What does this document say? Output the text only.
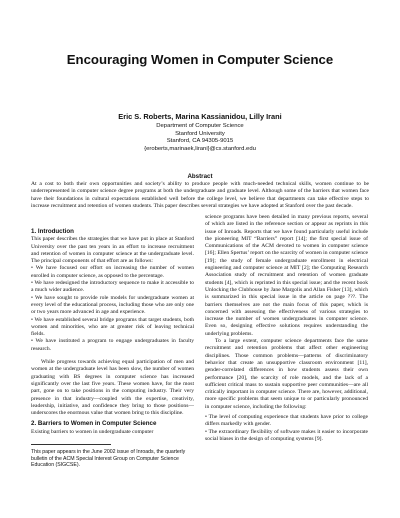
Encouraging Women in Computer Science
Eric S. Roberts, Marina Kassianidou, Lilly Irani
Department of Computer Science
Stanford University
Stanford, CA 94305-9015
{eroberts,marinaek,lirani}@cs.stanford.edu
Abstract
At a cost to both their own opportunities and society’s ability to produce people with much-needed technical skills, women continue to be underrepresented in computer science degree programs at both the undergraduate and graduate level. Although some of the barriers that women face have their foundations in cultural expectations established well before the college level, we believe that departments can take effective steps to increase recruitment and retention of women students. This paper describes several strategies we have adopted at Stanford over the past decade.
1. Introduction

This paper describes the strategies that we have put in place at Stanford University over the past ten years in an effort to increase recruitment and retention of women in computer science at the undergraduate level. The principal components of that effort are as follows:

• We have focused our effort on increasing the number of women enrolled in computer science, as opposed to the percentage.

• We have redesigned the introductory sequence to make it accessible to a much wider audience.

• We have sought to provide role models for undergraduate women at every level of the educational process, including those who are only one or two years more advanced in age and experience.

• We have established several bridge programs that target students, both women and minorities, who are at greater risk of leaving technical fields.

• We have instituted a program to engage undergraduates in faculty research.

While progress towards achieving equal participation of men and women at the undergraduate level has been slow, the number of women graduating with BS degrees in computer science has increased significantly over the last five years. These women have, for the most part, gone on to take positions in the computing industry. Their very presence in that industry—coupled with the expertise, creativity, leadership, initiative, and confidence they bring to those positions—underscores the enormous value that women bring to this discipline.

2. Barriers to Women in Computer Science

Existing barriers to women in undergraduate computer

This paper appears in the June 2002 issue of Inroads, the quarterly bulletin of the ACM Special Interest Group on Computer Science Education (SIGCSE).

science programs have been detailed in many previous reports, several of which are listed in the reference section or appear as reprints in this issue of Inroads. Reports that we have found particularly useful include the pioneering MIT “Barriers” report [14]; the first special issue of Communications of the ACM devoted to women in computer science [16]; Ellen Spertus’ report on the scarcity of women in computer science [19]; the study of female undergraduate enrollment in electrical engineering and computer science at MIT [2]; the Computing Research Association study of recruitment and retention of women graduate students [4], which is reprinted in this special issue; and the recent book Unlocking the Clubhouse by Jane Margolis and Allan Fisher [13], which is summarized in this special issue in the article on page ???. The barriers themselves are not the main focus of this paper, which is concerned with assessing the effectiveness of various strategies to increase the number of women undergraduates in computer science. Even so, designing effective solutions requires understanding the underlying problems.

To a large extent, computer science departments face the same recruitment and retention problems that affect other engineering disciplines. Those common problems—patterns of discriminatory behavior that create an unsupportive classroom environment [11], gender-correlated differences in how students assess their own performance [20], the scarcity of role models, and the lack of a sufficient critical mass to sustain supportive peer communities—are all critically important in computer science. There are, however, additional, more specific problems that seem unique to or particularly pronounced in computer science, including the following:

• The level of computing experience that students have prior to college differs markedly with gender.

• The extraordinary flexibility of software makes it easier to incorporate social biases in the design of computing systems [9].
